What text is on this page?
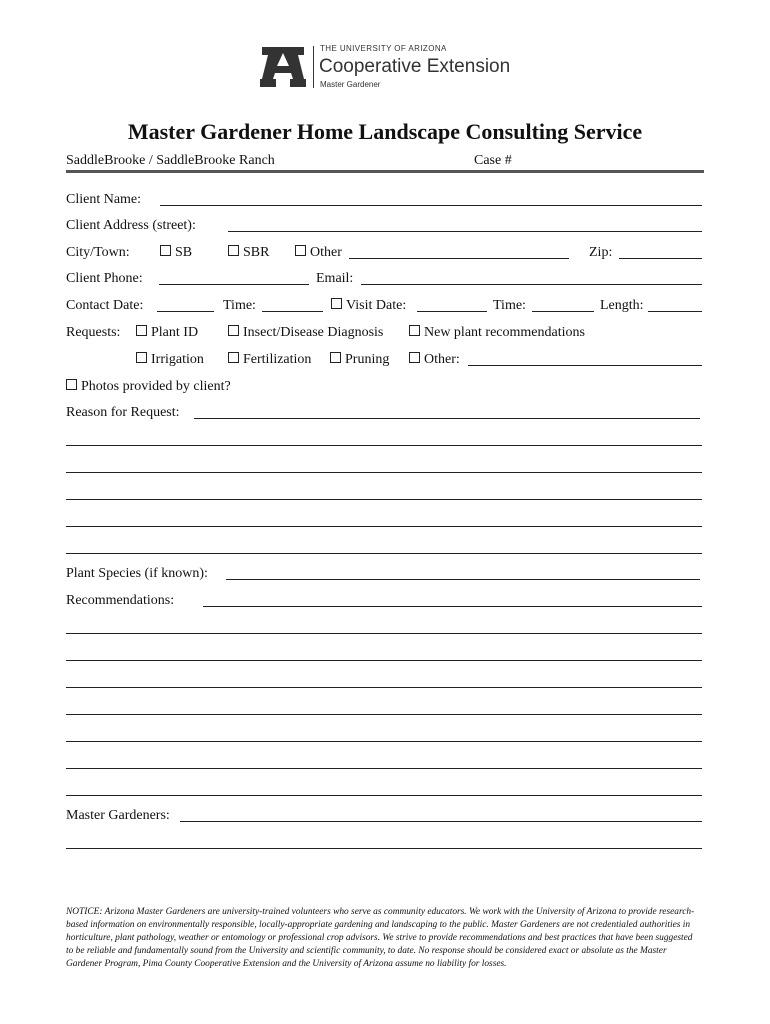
THE UNIVERSITY OF ARIZONA
Cooperative Extension
Master Gardener
Master Gardener Home Landscape Consulting Service
SaddleBrooke / SaddleBrooke Ranch	Case #
Client Name:
Client Address (street):
City/Town:	SB	SBR	Other	Zip:
Client Phone:	Email:
Contact Date:	Time:	Visit Date:	Time:	Length:
Requests:	Plant ID	Insect/Disease Diagnosis	New plant recommendations
Irrigation	Fertilization	Pruning	Other:
Photos provided by client?
Reason for Request:
Plant Species (if known):
Recommendations:
Master Gardeners:
NOTICE: Arizona Master Gardeners are university-trained volunteers who serve as community educators. We work with the University of Arizona to provide research-based information on environmentally responsible, locally-appropriate gardening and landscaping to the public. Master Gardeners are not credentialed authorities in horticulture, plant pathology, weather or entomology or professional crop advisors. We strive to provide recommendations and best practices that have been suggested to be reliable and fundamentally sound from the University and scientific community, to date. No response should be considered exact or absolute as the Master Gardener Program, Pima County Cooperative Extension and the University of Arizona assume no liability for losses.
